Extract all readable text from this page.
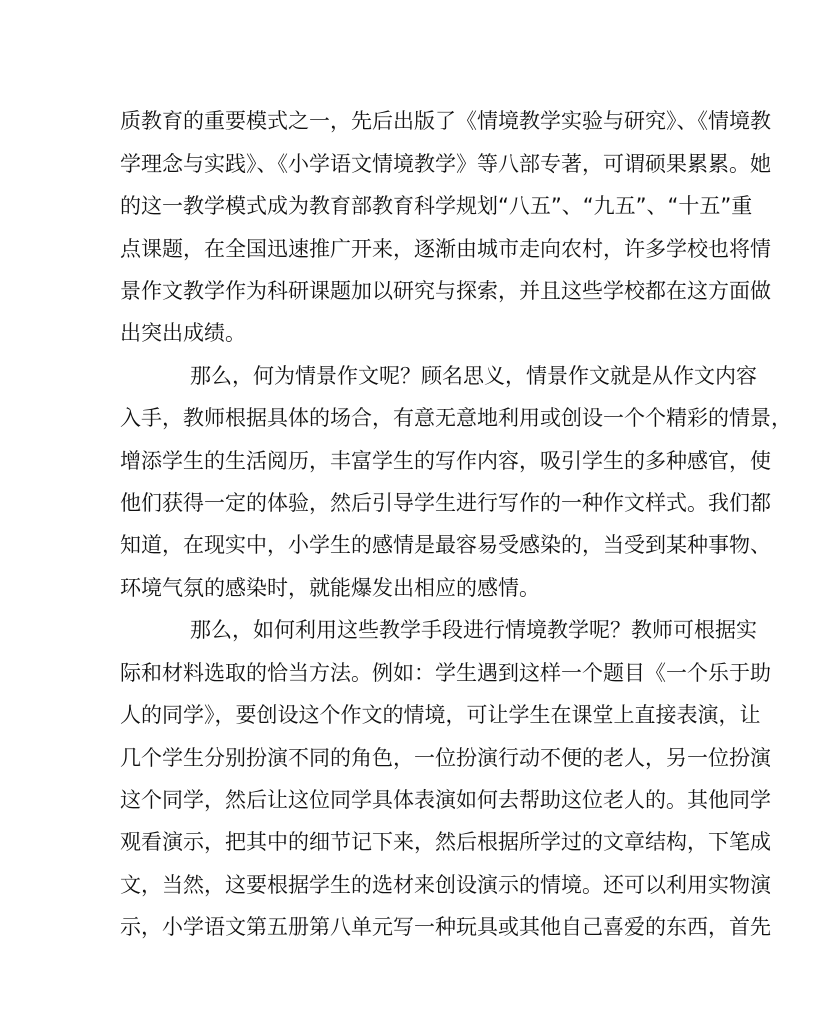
质教育的重要模式之一，先后出版了《情境教学实验与研究》、《情境教
学理念与实践》、《小学语文情境教学》等八部专著，可谓硕果累累。她
的这一教学模式成为教育部教育科学规划“八五”、“九五”、“十五”重
点课题，在全国迅速推广开来，逐渐由城市走向农村，许多学校也将情
景作文教学作为科研课题加以研究与探索，并且这些学校都在这方面做
出突出成绩。
那么，何为情景作文呢？顾名思义，情景作文就是从作文内容
入手，教师根据具体的场合，有意无意地利用或创设一个个精彩的情景，
增添学生的生活阅历，丰富学生的写作内容，吸引学生的多种感官，使
他们获得一定的体验，然后引导学生进行写作的一种作文样式。我们都
知道，在现实中，小学生的感情是最容易受感染的，当受到某种事物、
环境气氛的感染时，就能爆发出相应的感情。
那么，如何利用这些教学手段进行情境教学呢？教师可根据实
际和材料选取的恰当方法。例如：学生遇到这样一个题目《一个乐于助
人的同学》，要创设这个作文的情境，可让学生在课堂上直接表演，让
几个学生分别扮演不同的角色，一位扮演行动不便的老人，另一位扮演
这个同学，然后让这位同学具体表演如何去帮助这位老人的。其他同学
观看演示，把其中的细节记下来，然后根据所学过的文章结构，下笔成
文，当然，这要根据学生的选材来创设演示的情境。还可以利用实物演
示，小学语文第五册第八单元写一种玩具或其他自己喜爱的东西，首先
